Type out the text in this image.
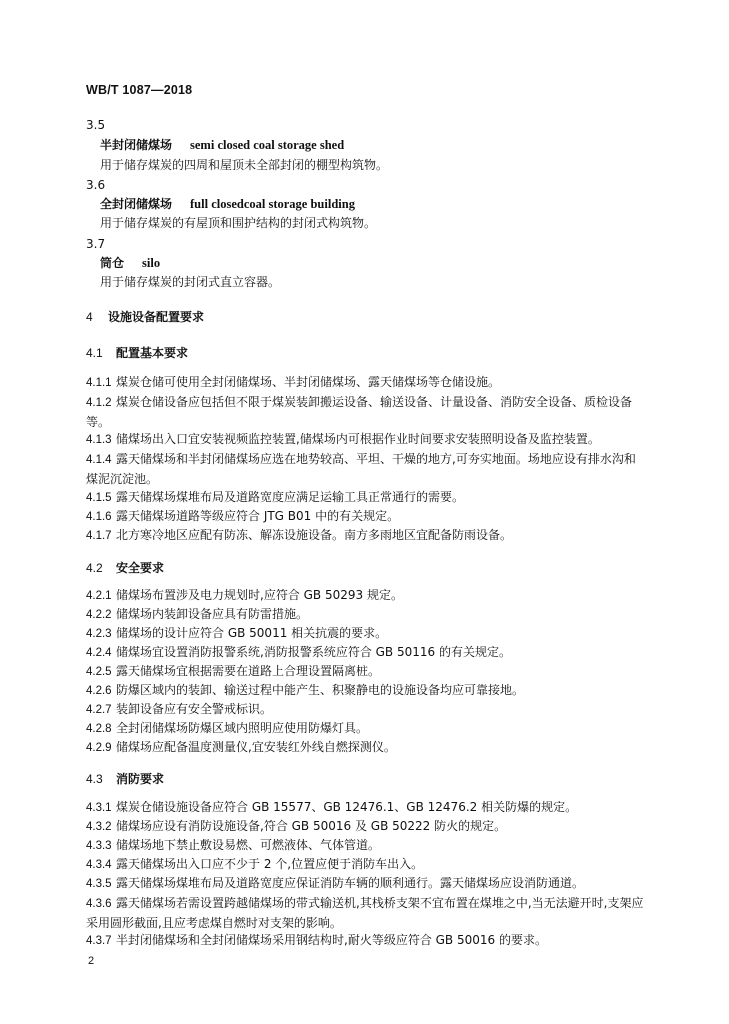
WB/T 1087—2018
3.5
半封闭储煤场 semi closed coal storage shed
用于储存煤炭的四周和屋顶未全部封闭的棚型构筑物。
3.6
全封闭储煤场 full closedcoal storage building
用于储存煤炭的有屋顶和围护结构的封闭式构筑物。
3.7
筒仓 silo
用于储存煤炭的封闭式直立容器。
4 设施设备配置要求
4.1 配置基本要求
4.1.1 煤炭仓储可使用全封闭储煤场、半封闭储煤场、露天储煤场等仓储设施。
4.1.2 煤炭仓储设备应包括但不限于煤炭装卸搬运设备、输送设备、计量设备、消防安全设备、质检设备等。
4.1.3 储煤场出入口宜安装视频监控装置,储煤场内可根据作业时间要求安装照明设备及监控装置。
4.1.4 露天储煤场和半封闭储煤场应选在地势较高、平坦、干燥的地方,可夯实地面。场地应设有排水沟和煤泥沉淀池。
4.1.5 露天储煤场煤堆布局及道路宽度应满足运输工具正常通行的需要。
4.1.6 露天储煤场道路等级应符合 JTG B01 中的有关规定。
4.1.7 北方寒冷地区应配有防冻、解冻设施设备。南方多雨地区宜配备防雨设备。
4.2 安全要求
4.2.1 储煤场布置涉及电力规划时,应符合 GB 50293 规定。
4.2.2 储煤场内装卸设备应具有防雷措施。
4.2.3 储煤场的设计应符合 GB 50011 相关抗震的要求。
4.2.4 储煤场宜设置消防报警系统,消防报警系统应符合 GB 50116 的有关规定。
4.2.5 露天储煤场宜根据需要在道路上合理设置隔离桩。
4.2.6 防爆区域内的装卸、输送过程中能产生、积聚静电的设施设备均应可靠接地。
4.2.7 装卸设备应有安全警戒标识。
4.2.8 全封闭储煤场防爆区域内照明应使用防爆灯具。
4.2.9 储煤场应配备温度测量仪,宜安装红外线自燃探测仪。
4.3 消防要求
4.3.1 煤炭仓储设施设备应符合 GB 15577、GB 12476.1、GB 12476.2 相关防爆的规定。
4.3.2 储煤场应设有消防设施设备,符合 GB 50016 及 GB 50222 防火的规定。
4.3.3 储煤场地下禁止敷设易燃、可燃液体、气体管道。
4.3.4 露天储煤场出入口应不少于 2 个,位置应便于消防车出入。
4.3.5 露天储煤场煤堆布局及道路宽度应保证消防车辆的顺利通行。露天储煤场应设消防通道。
4.3.6 露天储煤场若需设置跨越储煤场的带式输送机,其栈桥支架不宜布置在煤堆之中,当无法避开时,支架应采用圆形截面,且应考虑煤自燃时对支架的影响。
4.3.7 半封闭储煤场和全封闭储煤场采用钢结构时,耐火等级应符合 GB 50016 的要求。
2
